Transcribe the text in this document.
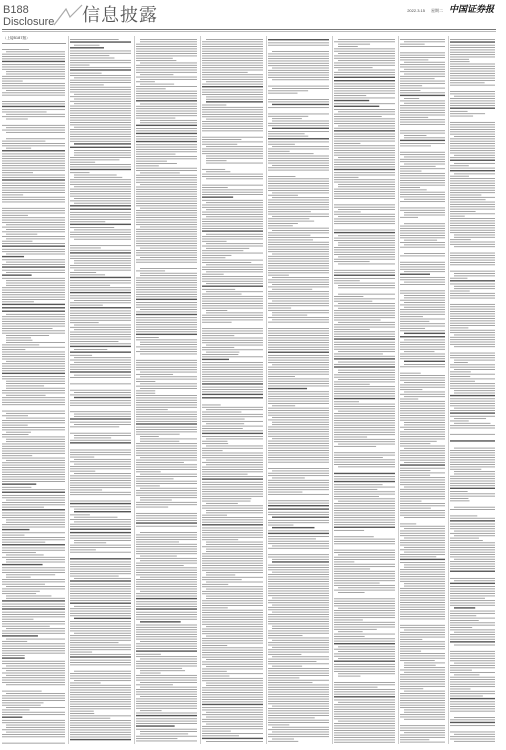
B188
Disclosure 信息披露	2022.3.15 星期二 中国证券报
（上接B187版）
